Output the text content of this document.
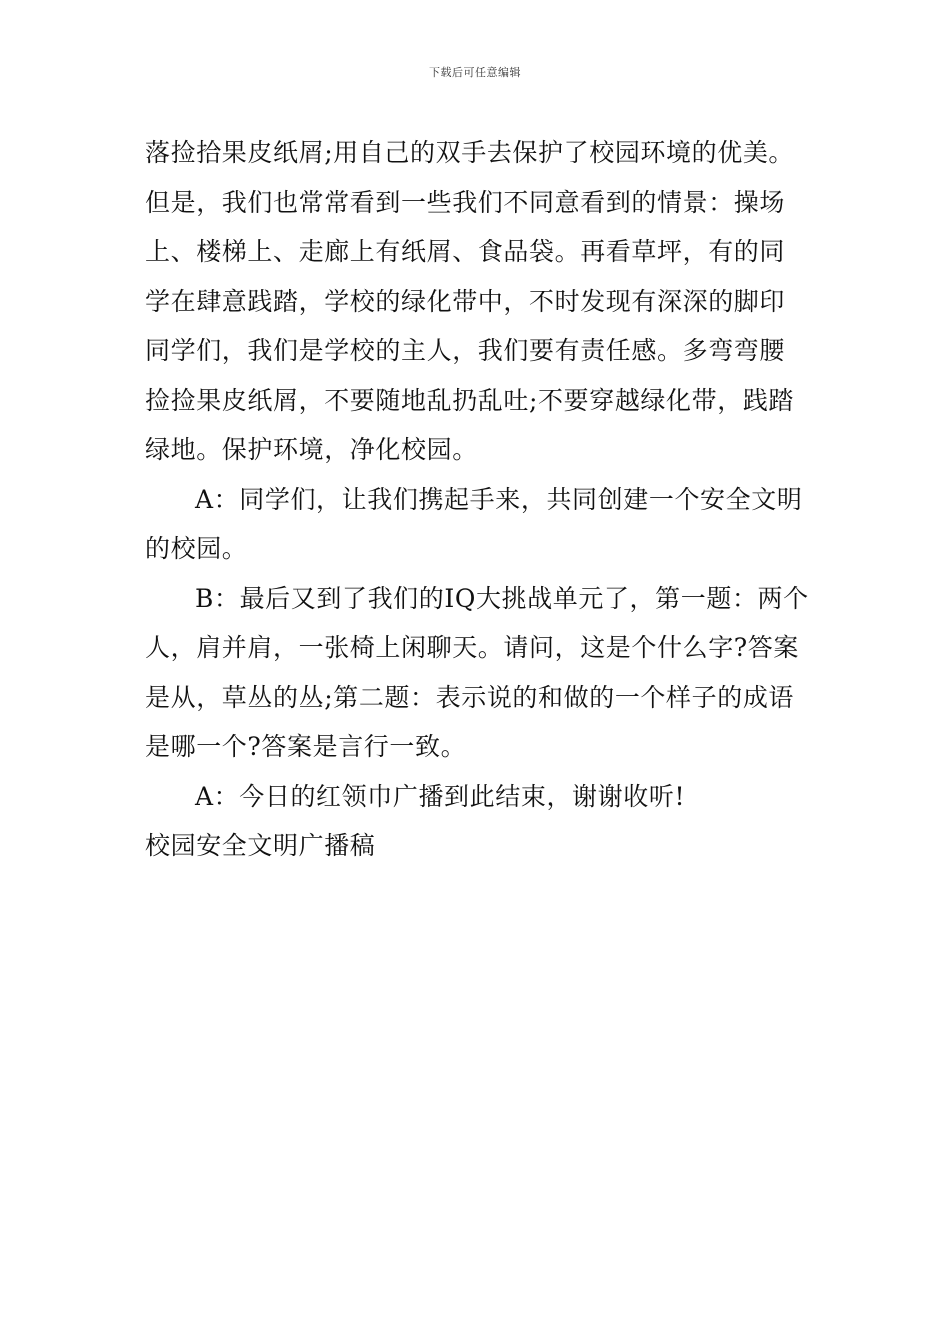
下载后可任意编辑

落捡拾果皮纸屑;用自己的双手去保护了校园环境的优美。

但是，我们也常常看到一些我们不同意看到的情景：操场

上、楼梯上、走廊上有纸屑、食品袋。再看草坪，有的同

学在肆意践踏，学校的绿化带中，不时发现有深深的脚印

同学们，我们是学校的主人，我们要有责任感。多弯弯腰

捡捡果皮纸屑，不要随地乱扔乱吐;不要穿越绿化带，践踏

绿地。保护环境，净化校园。

A：同学们，让我们携起手来，共同创建一个安全文明

的校园。

B：最后又到了我们的IQ大挑战单元了，第一题：两个

人，肩并肩，一张椅上闲聊天。请问，这是个什么字?答案

是从，草丛的丛;第二题：表示说的和做的一个样子的成语

是哪一个?答案是言行一致。

A：今日的红领巾广播到此结束，谢谢收听!

校园安全文明广播稿
